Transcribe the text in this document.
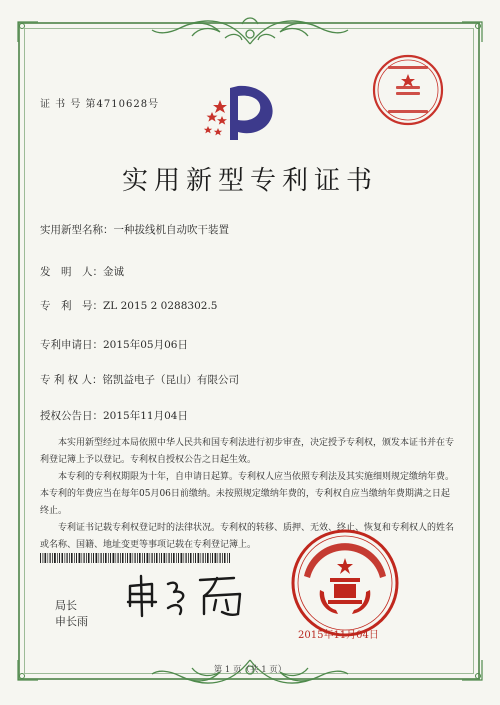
证 书 号 第4710628号
实用新型专利证书
实用新型名称：一种拔线机自动吹干装置
发　明　人：金诚
专　利　号：ZL 2015 2 0288302.5
专利申请日：2015年05月06日
专 利 权 人：铭凯益电子（昆山）有限公司
授权公告日：2015年11月04日

本实用新型经过本局依照中华人民共和国专利法进行初步审查，决定授予专利权，颁发本证书并在专利登记簿上予以登记。专利权自授权公告之日起生效。

本专利的专利权期限为十年，自申请日起算。专利权人应当依照专利法及其实施细则规定缴纳年费。本专利的年费应当在每年05月06日前缴纳。未按照规定缴纳年费的，专利权自应当缴纳年费期满之日起终止。

专利证书记载专利权登记时的法律状况。专利权的转移、质押、无效、终止、恢复和专利权人的姓名或名称、国籍、地址变更等事项记载在专利登记簿上。

局长
申长雨
2015年11月04日
第 1 页（共 1 页）
